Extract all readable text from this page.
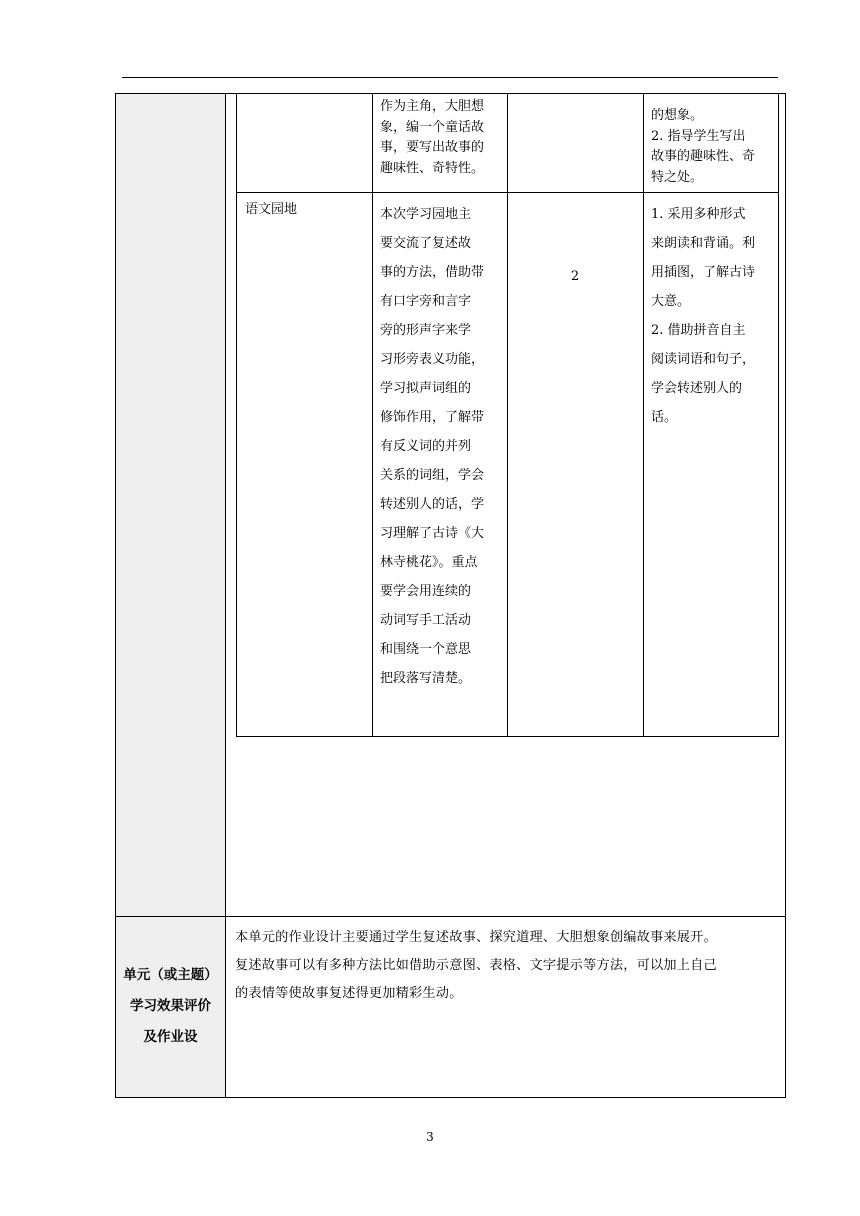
作为主角，大胆想
象，编一个童话故
事，要写出故事的
趣味性、奇特性。
的想象。
2. 指导学生写出
故事的趣味性、奇
特之处。
语文园地	本次学习园地主
要交流了复述故
事的方法，借助带
有口字旁和言字
旁的形声字来学
习形旁表义功能，
学习拟声词组的
修饰作用，了解带
有反义词的并列
关系的词组，学会
转述别人的话，学
习理解了古诗《大
林寺桃花》。重点
要学会用连续的
动词写手工活动
和围绕一个意思
把段落写清楚。
2
1. 采用多种形式
来朗读和背诵。利
用插图，了解古诗
大意。
2. 借助拼音自主
阅读词语和句子，
学会转述别人的
话。
单元（或主题）
学习效果评价
及作业设
本单元的作业设计主要通过学生复述故事、探究道理、大胆想象创编故事来展开。
复述故事可以有多种方法比如借助示意图、表格、文字提示等方法，可以加上自己
的表情等使故事复述得更加精彩生动。
3
